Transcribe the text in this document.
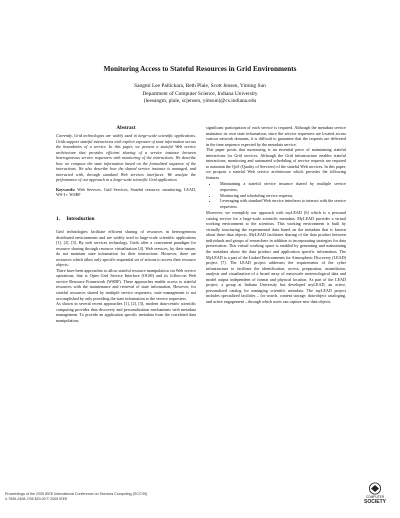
Monitoring Access to Stateful Resources in Grid Environments
Sangmi Lee Pallickara, Beth Plale, Scott Jensen, Yiming Sun
Department of Computer Science, Indiana University
(leesangm, plale, scjensen, yimsun)@cs.indiana.edu
Abstract

Currently, Grid technologies are widely used in large-scale scientific applications. Grids support stateful interactions with explicit exposure of state information across the boundaries of a service. In this paper, we present a stateful Web service architecture that provides efficient sharing of a service instance between heterogeneous service requesters with monitoring of the interactions. We describe how we compose the state information based on the formalized sequence of the interactions. We also describe how the shared service instance is managed, and interacted with, through standard Web services interfaces. We analyze the performance of our approach in a large-scale scientific Grid application.

Keywords: Web Services, Grid Services, Stateful resource, monitoring, LEAD, WS-I+, WSRF

1.     Introduction

Grid technologies facilitate efficient sharing of resources in heterogeneous distributed environments and are widely used in large-scale scientific applications [1], [2], [3]. By web services technology, Grids offer a convenient paradigm for resource sharing through resource virtualization [4]. Web services, by their nature, do not maintain state information for their interactions. However, there are resources which allow only specific sequential set of actions to access their resource objects.

There have been approaches to allow stateful resource manipulation via Web service operations; that is Open Grid Service Interface (OGSI) and its follow-on Web service Resource Framework (WSRF). These approaches enable access to stateful resources with the maintenance and retrieval of state information. However, for stateful resources shared by multiple service requesters, state management is not accomplished by only providing the state information to the service requesters.

As shown in several recent approaches [1], [2], [3], modern data-centric scientific computing provides data discovery and personalization mechanisms with metadata management. To provide an application specific metadata from the correlated data manipulation,

significant participation of each service is required. Although the metadata service maintains its own state information, since the service requesters are located across various network domains, it is difficult to guarantee that the requests are delivered in the time sequence expected by the metadata service.

This paper posits that monitoring is an essential piece of maintaining stateful interactions for Grid services. Although the Grid infrastructure enables stateful interactions, monitoring and automated scheduling of service requests are required to maintain the QoS (Quality of Services) of the stateful Web services. In this paper, we propose a stateful Web service architecture which provides the following features.

• Maintaining a stateful service instance shared by multiple service requesters,
• Monitoring and scheduling service requests,
• Leveraging with standard Web service interfaces to interact with the service requesters.

Moreover, we exemplify our approach with myLEAD [6] which is a personal catalog service for a large-scale scientific metadata. MyLEAD provides a virtual working environment to the scientists. This working environment is built by virtually structuring the experimental data based on the metadata that is known about these data objects. MyLEAD facilitates sharing of the data product between individuals and groups of researchers in addition to incorporating strategies for data preservation. This virtual working space is enabled by generating and maintaining the metadata about the data product and application specific information. The MyLEAD is a part of the Linked Environments for Atmospheric Discovery (LEAD) project [7]. The LEAD project addresses the requirements of the cyber infrastructure to facilitate the identification, access, preparation, assimilation, analysis and visualization of a broad array of mesoscale meteorological data and model output independent of format and physical location. As part of the LEAD project, a group at Indiana University has developed myLEAD, an active, personalized catalog for managing scientific metadata. The myLEAD project includes specialized facilities – for search, content storage, data-object cataloging, and active engagement – through which users can capture new data objects.

Proceedings of the 2005 IEEE International Conference on Services Computing (SCC'05)
0-7695-2408-7/05 $20.00 © 2005 IEEE	COMPUTER
SOCIETY
